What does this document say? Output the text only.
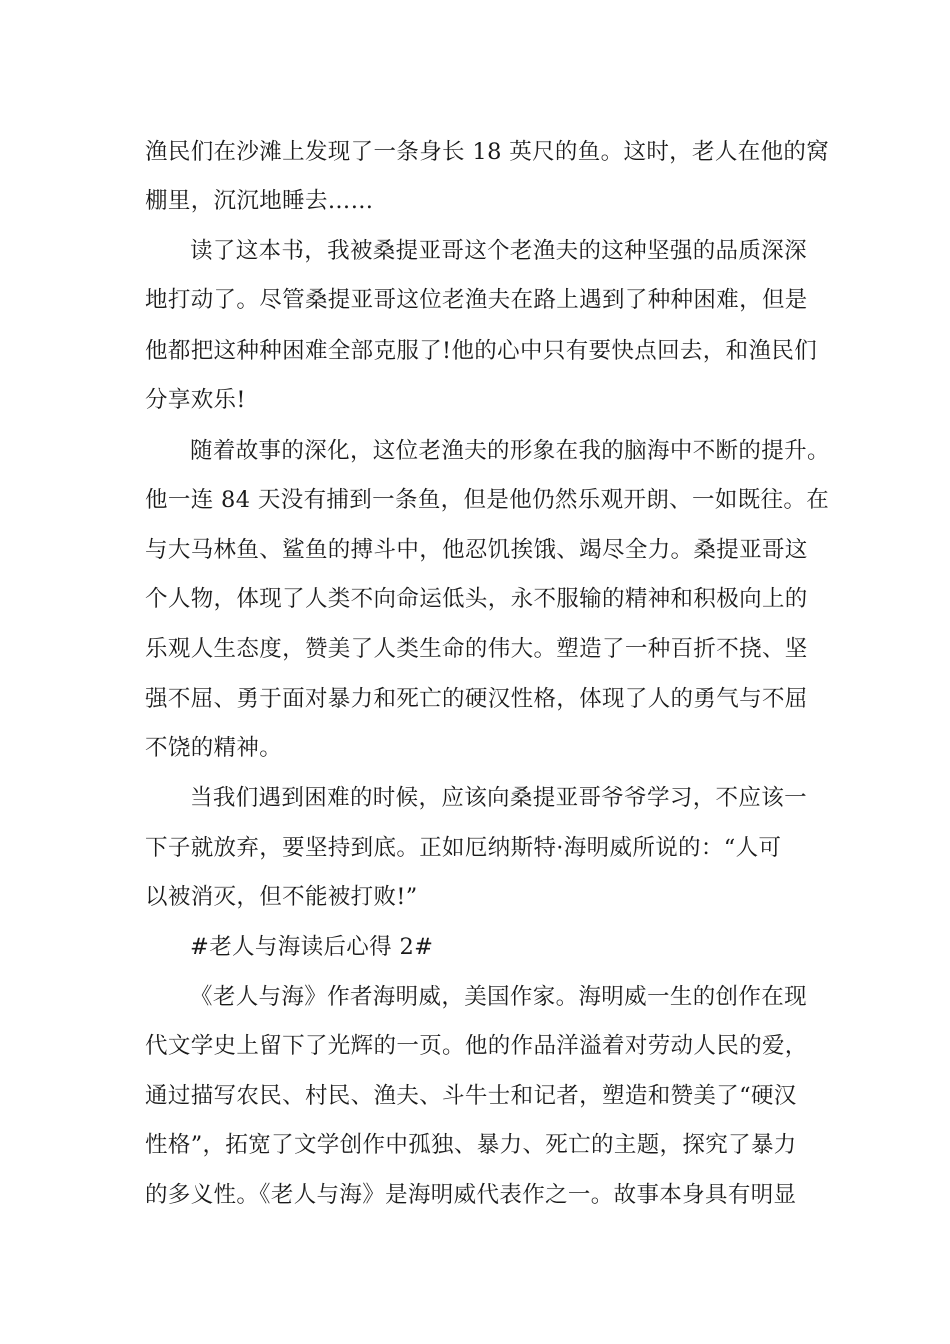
渔民们在沙滩上发现了一条身长 18 英尺的鱼。这时，老人在他的窝

棚里，沉沉地睡去……

读了这本书，我被桑提亚哥这个老渔夫的这种坚强的品质深深

地打动了。尽管桑提亚哥这位老渔夫在路上遇到了种种困难，但是

他都把这种种困难全部克服了!他的心中只有要快点回去，和渔民们

分享欢乐!

随着故事的深化，这位老渔夫的形象在我的脑海中不断的提升。

他一连 84 天没有捕到一条鱼，但是他仍然乐观开朗、一如既往。在

与大马林鱼、鲨鱼的搏斗中，他忍饥挨饿、竭尽全力。桑提亚哥这

个人物，体现了人类不向命运低头，永不服输的精神和积极向上的

乐观人生态度，赞美了人类生命的伟大。塑造了一种百折不挠、坚

强不屈、勇于面对暴力和死亡的硬汉性格，体现了人的勇气与不屈

不饶的精神。

当我们遇到困难的时候，应该向桑提亚哥爷爷学习，不应该一

下子就放弃，要坚持到底。正如厄纳斯特·海明威所说的：“人可

以被消灭，但不能被打败!”

#老人与海读后心得 2#

《老人与海》作者海明威，美国作家。海明威一生的创作在现

代文学史上留下了光辉的一页。他的作品洋溢着对劳动人民的爱，

通过描写农民、村民、渔夫、斗牛士和记者，塑造和赞美了“硬汉

性格”，拓宽了文学创作中孤独、暴力、死亡的主题，探究了暴力

的多义性。《老人与海》是海明威代表作之一。故事本身具有明显
